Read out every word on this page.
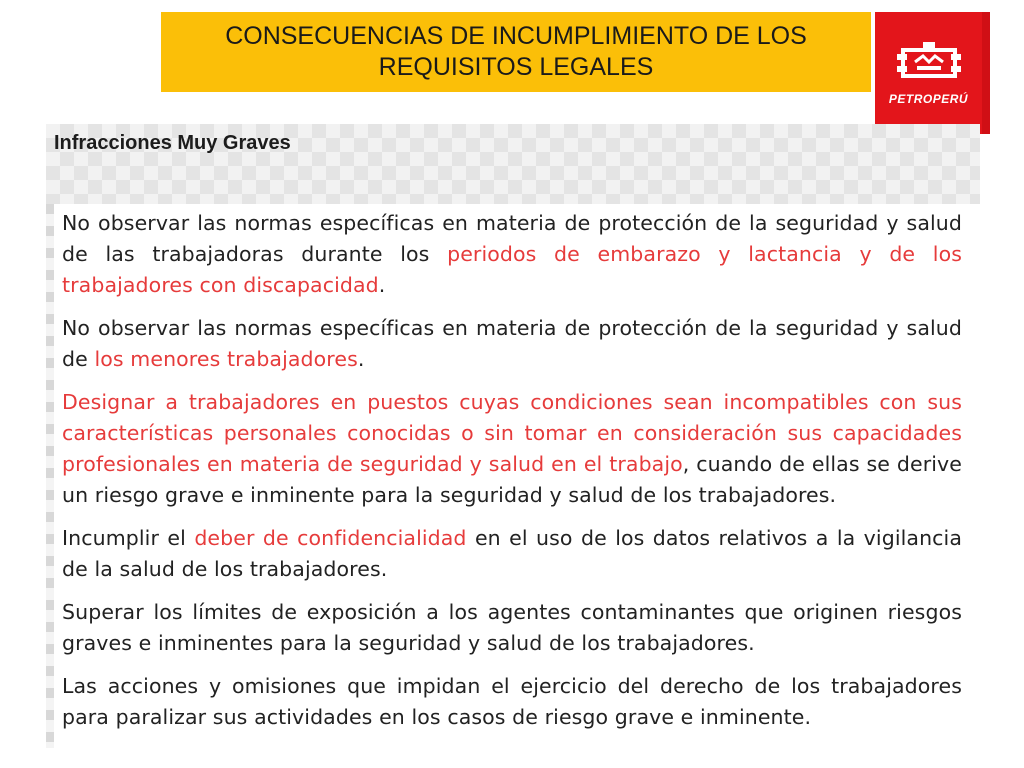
CONSECUENCIAS DE INCUMPLIMIENTO DE LOS
REQUISITOS LEGALES
PETROPERÚ
Infracciones Muy Graves

No observar las normas específicas en materia de protección de la seguridad y salud de las trabajadoras durante los periodos de embarazo y lactancia y de los trabajadores con discapacidad.

No observar las normas específicas en materia de protección de la seguridad y salud de los menores trabajadores.

Designar a trabajadores en puestos cuyas condiciones sean incompatibles con sus características personales conocidas o sin tomar en consideración sus capacidades profesionales en materia de seguridad y salud en el trabajo, cuando de ellas se derive un riesgo grave e inminente para la seguridad y salud de los trabajadores.

Incumplir el deber de confidencialidad en el uso de los datos relativos a la vigilancia de la salud de los trabajadores.

Superar los límites de exposición a los agentes contaminantes que originen riesgos graves e inminentes para la seguridad y salud de los trabajadores.

Las acciones y omisiones que impidan el ejercicio del derecho de los trabajadores para paralizar sus actividades en los casos de riesgo grave e inminente.
